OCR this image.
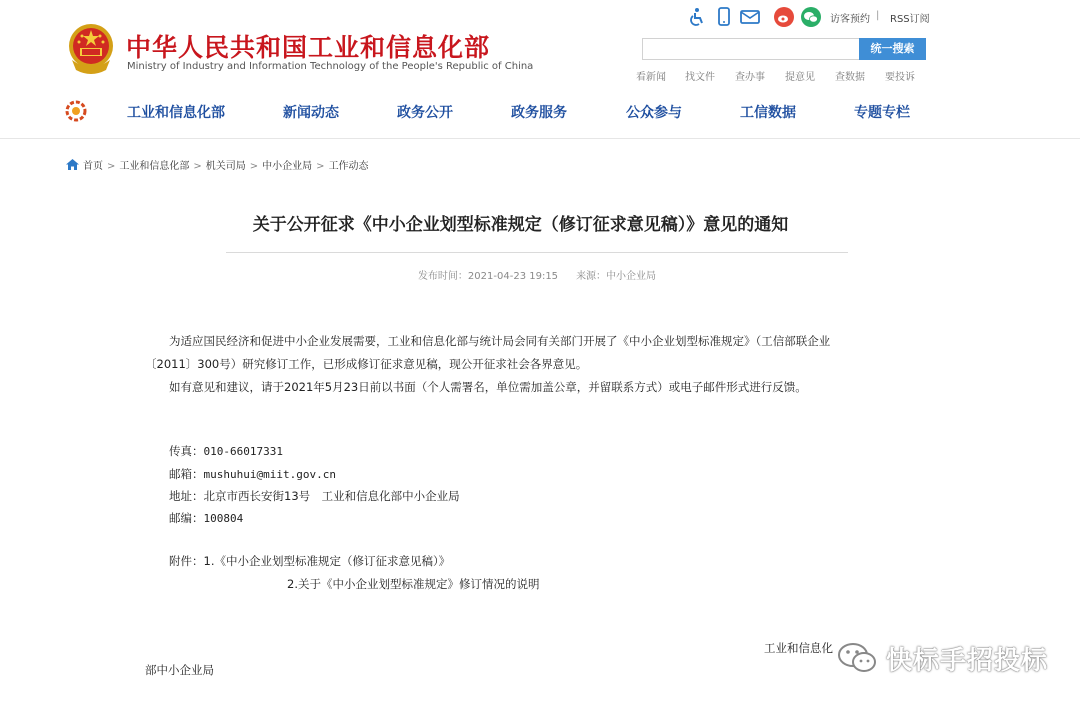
中华人民共和国工业和信息化部
Ministry of Industry and Information Technology of the People's Republic of China
访客预约 | RSS订阅
统一搜索
看新闻 找文件 查办事 提意见 查数据 要投诉
工业和信息化部	新闻动态	政务公开	政务服务	公众参与	工信数据	专题专栏
首页 > 工业和信息化部 > 机关司局 > 中小企业局 > 工作动态
关于公开征求《中小企业划型标准规定（修订征求意见稿）》意见的通知
发布时间：2021-04-23 19:15 来源：中小企业局
为适应国民经济和促进中小企业发展需要，工业和信息化部与统计局会同有关部门开展了《中小企业划型标准规定》（工信部联企业〔2011〕300号）研究修订工作，已形成修订征求意见稿，现公开征求社会各界意见。
如有意见和建议，请于2021年5月23日前以书面（个人需署名，单位需加盖公章，并留联系方式）或电子邮件形式进行反馈。
传真：010-66017331
邮箱：mushuhui@miit.gov.cn
地址：北京市西长安街13号　工业和信息化部中小企业局
邮编：100804
附件：1.《中小企业划型标准规定（修订征求意见稿）》
2.关于《中小企业划型标准规定》修订情况的说明
工业和信息化
部中小企业局	快标手招投标
